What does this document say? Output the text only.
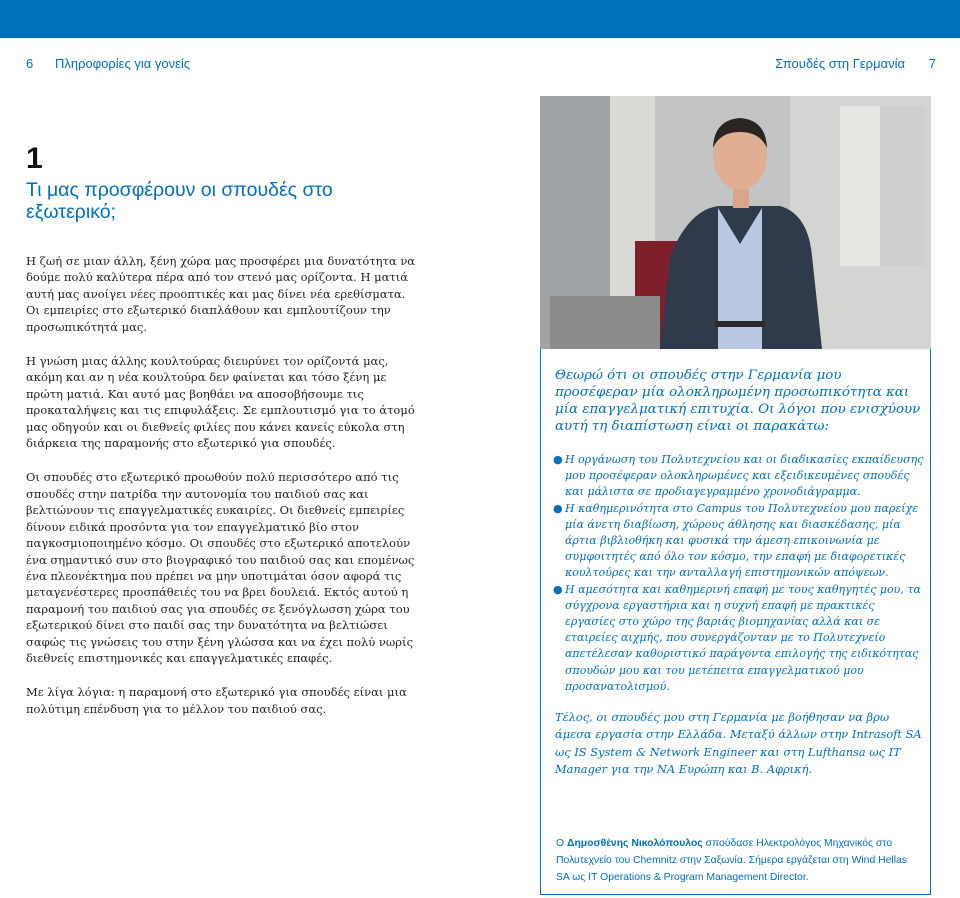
6 Πληροφορίες για γονείς	Σπουδές στη Γερμανία 7
1
Τι μας προσφέρουν οι σπουδές στο εξωτερικό;

Η ζωή σε μιαν άλλη, ξένη χώρα μας προσφέρει μια δυνατότητα να δούμε πολύ καλύτερα πέρα από τον στενό μας ορίζοντα. Η ματιά αυτή μας ανοίγει νέες προοπτικές και μας δίνει νέα ερεθίσματα. Οι εμπειρίες στο εξωτερικό διαπλάθουν και εμπλουτίζουν την προσωπικότητά μας.

Η γνώση μιας άλλης κουλτούρας διευρύνει τον ορίζοντά μας, ακόμη και αν η νέα κουλτούρα δεν φαίνεται και τόσο ξένη με πρώτη ματιά. Και αυτό μας βοηθάει να αποσοβήσουμε τις προκαταλήψεις και τις επιφυλάξεις. Σε εμπλουτισμό για το άτομό μας οδηγούν και οι διεθνείς φιλίες που κάνει κανείς εύκολα στη διάρκεια της παραμονής στο εξωτερικό για σπουδές.

Οι σπουδές στο εξωτερικό προωθούν πολύ περισσότερο από τις σπουδές στην πατρίδα την αυτονομία του παιδιού σας και βελτιώνουν τις επαγγελματικές ευκαιρίες. Οι διεθνείς εμπειρίες δίνουν ειδικά προσόντα για τον επαγγελματικό βίο στον παγκοσμιοποιημένο κόσμο. Οι σπουδές στο εξωτερικό αποτελούν ένα σημαντικό συν στο βιογραφικό του παιδιού σας και επομένως ένα πλεονέκτημα που πρέπει να μην υποτιμάται όσον αφορά τις μεταγενέστερες προσπάθειές του να βρει δουλειά. Εκτός αυτού η παραμονή του παιδιού σας για σπουδές σε ξενόγλωσση χώρα του εξωτερικού δίνει στο παιδί σας την δυνατότητα να βελτιώσει σαφώς τις γνώσεις του στην ξένη γλώσσα και να έχει πολύ νωρίς διεθνείς επιστημονικές και επαγγελματικές επαφές.

Με λίγα λόγια: η παραμονή στο εξωτερικό για σπουδές είναι μια πολύτιμη επένδυση για το μέλλον του παιδιού σας.

Θεωρώ ότι οι σπουδές στην Γερμανία μου προσέφεραν μία ολοκληρωμένη προσωπικότητα και μία επαγγελματική επιτυχία. Οι λόγοι που ενισχύουν αυτή τη διαπίστωση είναι οι παρακάτω:

● Η οργάνωση του Πολυτεχνείου και οι διαδικασίες εκπαίδευσης μου προσέφεραν ολοκληρωμένες και εξειδικευμένες σπουδές και μάλιστα σε προδιαγεγραμμένο χρονοδιάγραμμα.
● Η καθημερινότητα στο Campus του Πολυτεχνείου μου παρείχε μία άνετη διαβίωση, χώρους άθλησης και διασκέδασης, μία άρτια βιβλιοθήκη και φυσικά την άμεση επικοινωνία με συμφοιτητές από όλο τον κόσμο, την επαφή με διαφορετικές κουλτούρες και την ανταλλαγή επιστημονικών απόψεων.
● Η αμεσότητα και καθημερινή επαφή με τους καθηγητές μου, τα σύγχρονα εργαστήρια και η συχνή επαφή με πρακτικές εργασίες στο χώρο της βαριάς βιομηχανίας αλλά και σε εταιρείες αιχμής, που συνεργάζονταν με το Πολυτεχνείο απετέλεσαν καθοριστικό παράγοντα επιλογής της ειδικότητας σπουδών μου και του μετέπειτα επαγγελματικού μου προσανατολισμού.

Τέλος, οι σπουδές μου στη Γερμανία με βοήθησαν να βρω άμεσα εργασία στην Ελλάδα. Μεταξύ άλλων στην Intrasoft SA ως IS System & Network Engineer και στη Lufthansa ως IT Manager για την ΝΑ Ευρώπη και Β. Αφρική.

Ο Δημοσθένης Νικολόπουλος σπούδασε Ηλεκτρολόγος Μηχανικός στο Πολυτεχνείο του Chemnitz στην Σαξωνία. Σήμερα εργάζεται στη Wind Hellas SA ως IT Operations & Program Management Director.
